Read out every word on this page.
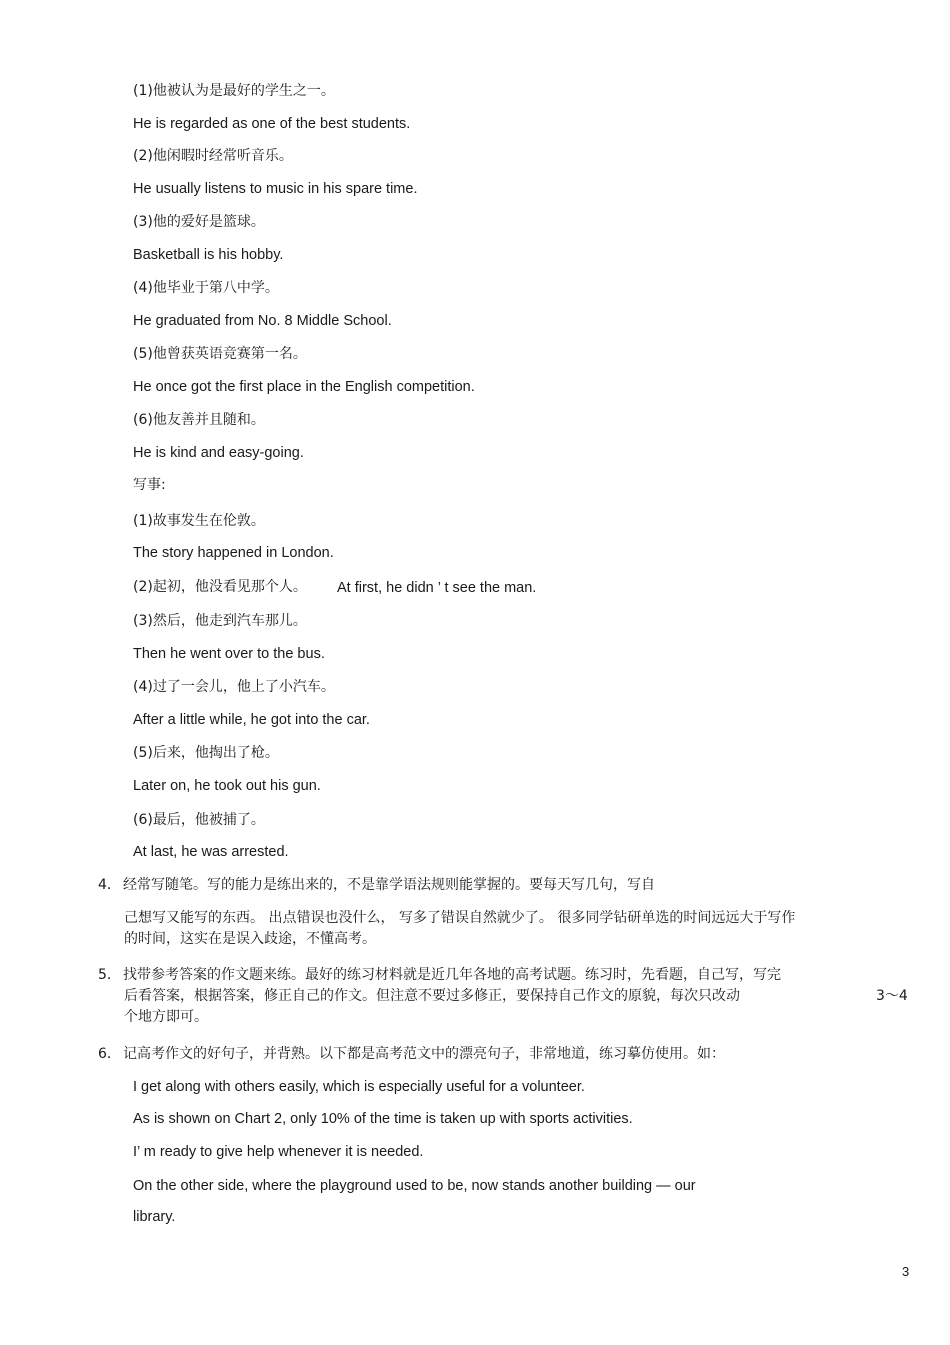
(1)他被认为是最好的学生之一。
He is regarded as one of the best students.
(2)他闲暇时经常听音乐。
He usually listens to music in his spare time.
(3)他的爱好是篮球。
Basketball is his hobby.
(4)他毕业于第八中学。
He graduated from No. 8 Middle School.
(5)他曾获英语竞赛第一名。
He once got the first place in the English competition.
(6)他友善并且随和。
He is kind and easy-going.
写事:
(1)故事发生在伦敦。
The story happened in London.
(2)起初，他没看见那个人。 At first, he didn ’ t see the man.
(3)然后，他走到汽车那儿。
Then he went over to the bus.
(4)过了一会儿，他上了小汽车。
After a little while, he got into the car.
(5)后来，他掏出了枪。
Later on, he took out his gun.
(6)最后，他被捕了。
At last, he was arrested.
4． 经常写随笔。写的能力是练出来的，不是靠学语法规则能掌握的。要每天写几句，写自
己想写又能写的东西。 出点错误也没什么， 写多了错误自然就少了。 很多同学钻研单选的时间远远大于写作
的时间，这实在是误入歧途，不懂高考。
5． 找带参考答案的作文题来练。最好的练习材料就是近几年各地的高考试题。练习时，先看题，自己写，写完
后看答案，根据答案，修正自己的作文。但注意不要过多修正，要保持自己作文的原貌，每次只改动	3～4
个地方即可。
6． 记高考作文的好句子，并背熟。以下都是高考范文中的漂亮句子，非常地道，练习摹仿使用。如：
I get along with others easily, which is especially useful for a volunteer.
As is shown on Chart 2, only 10% of the time is taken up with sports activities.
I’ m ready to give help whenever it is needed.
On the other side, where the playground used to be, now stands another building — our
library.
3
